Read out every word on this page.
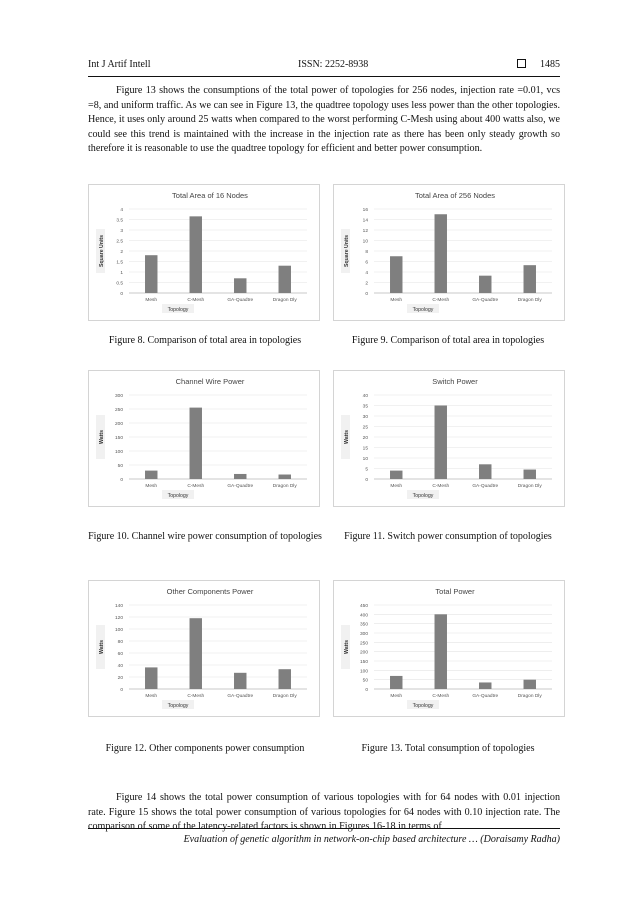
Int J Artif Intell	ISSN: 2252-8938	1485

Figure 13 shows the consumptions of the total power of topologies for 256 nodes, injection rate =0.01, vcs =8, and uniform traffic. As we can see in Figure 13, the quadtree topology uses less power than the other topologies. Hence, it uses only around 25 watts when compared to the worst performing C-Mesh using about 400 watts also, we could see this trend is maintained with the increase in the injection rate as there has been only steady growth so therefore it is reasonable to use the quadtree topology for efficient and better power consumption.

Total Area of 16 Nodes
0
0.5
1
1.5
2
2.5
3
3.5
4
Mesh	C-Mesh	GA-Quadtre	Dragon Dly
Topology
Square Units
Figure 8. Comparison of total area in topologies
Total Area of 256 Nodes
0
2
4
6
8
10
12
14
16
Mesh	C-Mesh	GA-Quadtre	Dragon Dly
Topology
Square Units
Figure 9. Comparison of total area in topologies
Channel Wire Power
0
50
100
150
200
250
300
Mesh	C-Mesh	GA-Quadtre	Dragon Dly
Topology
Watts
Figure 10. Channel wire power consumption of topologies
Switch Power
0
5
10
15
20
25
30
35
40
Mesh	C-Mesh	GA-Quadtre	Dragon Dly
Topology
Watts
Figure 11. Switch power consumption of topologies
Other Components Power
0
20
40
60
80
100
120
140
Mesh	C-Mesh	GA-Quadtre	Dragon Dly
Topology
Watts
Figure 12. Other components power consumption
Total Power
0
50
100
150
200
250
300
350
400
450
Mesh	C-Mesh	GA-Quadtre	Dragon Dly
Topology
Watts
Figure 13. Total consumption of topologies

Figure 14 shows the total power consumption of various topologies with for 64 nodes with 0.01 injection rate. Figure 15 shows the total power consumption of various topologies for 64 nodes with 0.10 injection rate. The comparison of some of the latency-related factors is shown in Figures 16-18 in terms of

Evaluation of genetic algorithm in network-on-chip based architecture … (Doraisamy Radha)
